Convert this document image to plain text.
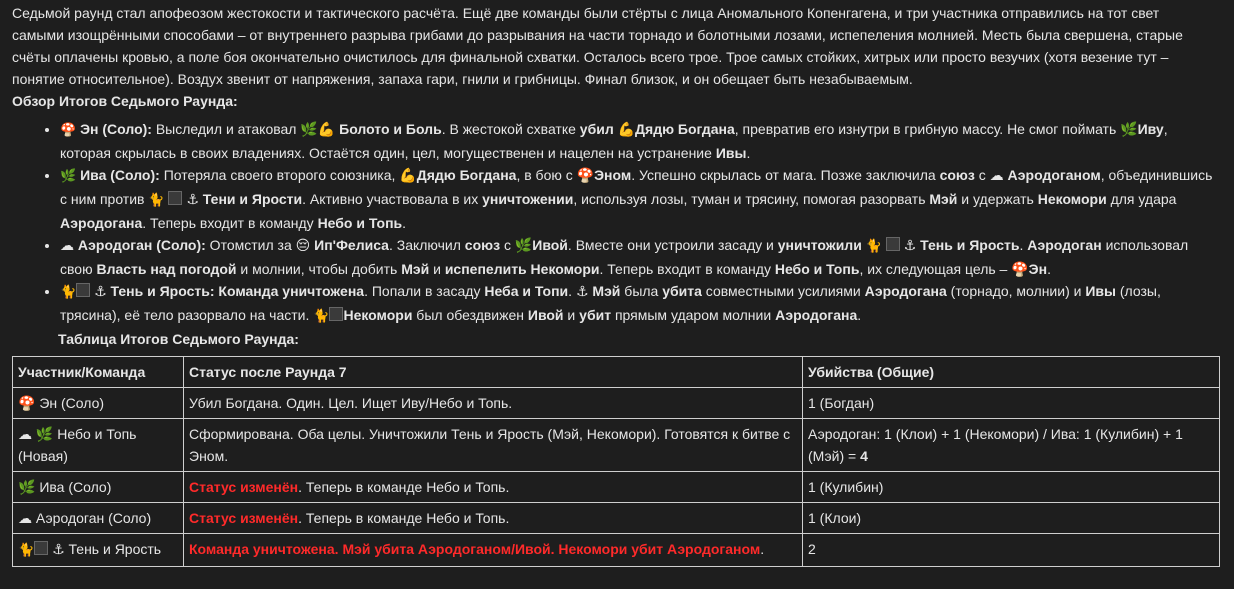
Седьмой раунд стал апофеозом жестокости и тактического расчёта. Ещё две команды были стёрты с лица Аномального Копенгагена, и три участника отправились на тот свет самыми изощрёнными способами – от внутреннего разрыва грибами до разрывания на части торнадо и болотными лозами, испепеления молнией. Месть была свершена, старые счёты оплачены кровью, а поле боя окончательно очистилось для финальной схватки. Осталось всего трое. Трое самых стойких, хитрых или просто везучих (хотя везение тут – понятие относительное). Воздух звенит от напряжения, запаха гари, гнили и грибницы. Финал близок, и он обещает быть незабываемым.

Обзор Итогов Седьмого Раунда:

• 🍄 Эн (Соло): Выследил и атаковал 🌿💪 Болото и Боль. В жестокой схватке убил 💪Дядю Богдана, превратив его изнутри в грибную массу. Не смог поймать 🌿Иву, которая скрылась в своих владениях. Остаётся один, цел, могущественен и нацелен на устранение Ивы.
• 🌿 Ива (Соло): Потеряла своего второго союзника, 💪Дядю Богдана, в бою с 🍄Эном. Успешно скрылась от мага. Позже заключила союз с ☁ Аэродоганом, объединившись с ним против 🐈 ⚓ Тени и Ярости. Активно участвовала в их уничтожении, используя лозы, туман и трясину, помогая разорвать Мэй и удержать Некомори для удара Аэродогана. Теперь входит в команду Небо и Топь.
• ☁ Аэродоган (Соло): Отомстил за 😔 Ип'Фелиса. Заключил союз с 🌿Ивой. Вместе они устроили засаду и уничтожили 🐈 ⚓ Тень и Ярость. Аэродоган использовал свою Власть над погодой и молнии, чтобы добить Мэй и испепелить Некомори. Теперь входит в команду Небо и Топь, их следующая цель – 🍄Эн.
• 🐈 ⚓ Тень и Ярость: Команда уничтожена. Попали в засаду Неба и Топи. ⚓ Мэй была убита совместными усилиями Аэродогана (торнадо, молнии) и Ивы (лозы, трясина), её тело разорвало на части. 🐈 Некомори был обездвижен Ивой и убит прямым ударом молнии Аэродогана.

Таблица Итогов Седьмого Раунда:

Участник/Команда	Статус после Раунда 7	Убийства (Общие)
🍄 Эн (Соло)	Убил Богдана. Один. Цел. Ищет Иву/Небо и Топь.	1 (Богдан)
☁ 🌿 Небо и Топь (Новая)	Сформирована. Оба целы. Уничтожили Тень и Ярость (Мэй, Некомори). Готовятся к битве с Эном.	Аэродоган: 1 (Клои) + 1 (Некомори) / Ива: 1 (Кулибин) + 1 (Мэй) = 4
🌿 Ива (Соло)	Статус изменён. Теперь в команде Небо и Топь.	1 (Кулибин)
☁ Аэродоган (Соло)	Статус изменён. Теперь в команде Небо и Топь.	1 (Клои)
🐈 ⚓ Тень и Ярость	Команда уничтожена. Мэй убита Аэродоганом/Ивой. Некомори убит Аэродоганом.	2
